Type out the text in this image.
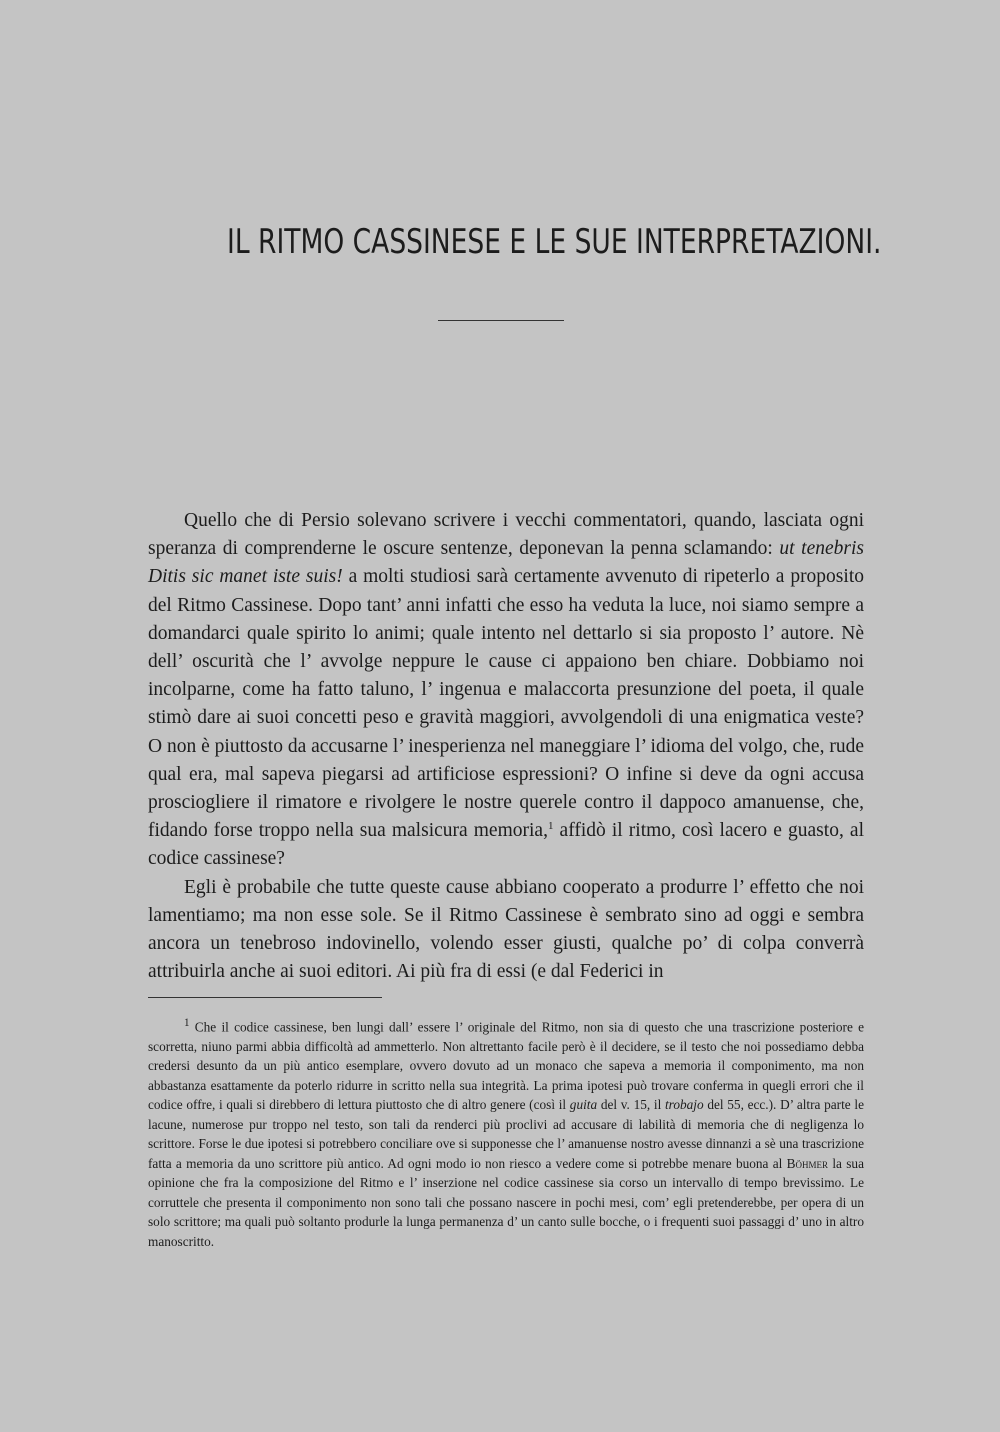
IL RITMO CASSINESE E LE SUE INTERPRETAZIONI.

Quello che di Persio solevano scrivere i vecchi commentatori, quando, lasciata ogni speranza di comprenderne le oscure sentenze, deponevan la penna sclamando: ut tenebris Ditis sic manet iste suis! a molti studiosi sarà certamente avvenuto di ripeterlo a proposito del Ritmo Cassinese. Dopo tant’ anni infatti che esso ha veduta la luce, noi siamo sempre a domandarci quale spirito lo animi; quale intento nel dettarlo si sia proposto l’ autore. Nè dell’ oscurità che l’ avvolge neppure le cause ci appaiono ben chiare. Dobbiamo noi incolparne, come ha fatto taluno, l’ ingenua e malaccorta presunzione del poeta, il quale stimò dare ai suoi concetti peso e gravità maggiori, avvolgendoli di una enigmatica veste? O non è piuttosto da accusarne l’ inesperienza nel maneggiare l’ idioma del volgo, che, rude qual era, mal sapeva piegarsi ad artificiose espressioni? O infine si deve da ogni accusa prosciogliere il rimatore e rivolgere le nostre querele contro il dappoco amanuense, che, fidando forse troppo nella sua malsicura memoria,$^1$ affidò il ritmo, così lacero e guasto, al codice cassinese?

Egli è probabile che tutte queste cause abbiano cooperato a produrre l’ effetto che noi lamentiamo; ma non esse sole. Se il Ritmo Cassinese è sembrato sino ad oggi e sembra ancora un tenebroso indovinello, volendo esser giusti, qualche po’ di colpa converrà attribuirla anche ai suoi editori. Ai più fra di essi (e dal Federici in

$^1$ Che il codice cassinese, ben lungi dall’ essere l’ originale del Ritmo, non sia di questo che una trascrizione posteriore e scorretta, niuno parmi abbia difficoltà ad ammetterlo. Non altrettanto facile però è il decidere, se il testo che noi possediamo debba credersi desunto da un più antico esemplare, ovvero dovuto ad un monaco che sapeva a memoria il componimento, ma non abbastanza esattamente da poterlo ridurre in scritto nella sua integrità. La prima ipotesi può trovare conferma in quegli errori che il codice offre, i quali si direbbero di lettura piuttosto che di altro genere (così il guita del v. 15, il trobajo del 55, ecc.). D’ altra parte le lacune, numerose pur troppo nel testo, son tali da renderci più proclivi ad accusare di labilità di memoria che di negligenza lo scrittore. Forse le due ipotesi si potrebbero conciliare ove si supponesse che l’ amanuense nostro avesse dinnanzi a sè una trascrizione fatta a memoria da uno scrittore più antico. Ad ogni modo io non riesco a vedere come si potrebbe menare buona al Böhmer la sua opinione che fra la composizione del Ritmo e l’ inserzione nel codice cassinese sia corso un intervallo di tempo brevissimo. Le corruttele che presenta il componimento non sono tali che possano nascere in pochi mesi, com’ egli pretenderebbe, per opera di un solo scrittore; ma quali può soltanto produrle la lunga permanenza d’ un canto sulle bocche, o i frequenti suoi passaggi d’ uno in altro manoscritto.
